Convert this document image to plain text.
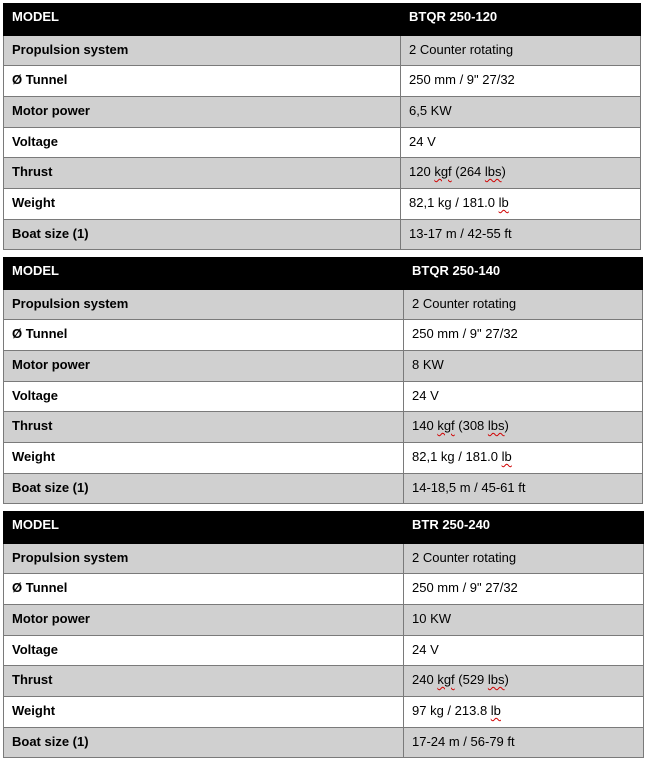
MODEL	BTQR 250-120
Propulsion system	2 Counter rotating
Ø Tunnel	250 mm / 9" 27/32
Motor power	6,5 KW
Voltage	24 V
Thrust	120 kgf (264 lbs)
Weight	82,1 kg / 181.0 lb
Boat size (1)	13-17 m / 42-55 ft
MODEL	BTQR 250-140
Propulsion system	2 Counter rotating
Ø Tunnel	250 mm / 9" 27/32
Motor power	8 KW
Voltage	24 V
Thrust	140 kgf (308 lbs)
Weight	82,1 kg / 181.0 lb
Boat size (1)	14-18,5 m / 45-61 ft
MODEL	BTR 250-240
Propulsion system	2 Counter rotating
Ø Tunnel	250 mm / 9" 27/32
Motor power	10 KW
Voltage	24 V
Thrust	240 kgf (529 lbs)
Weight	97 kg / 213.8 lb
Boat size (1)	17-24 m / 56-79 ft
